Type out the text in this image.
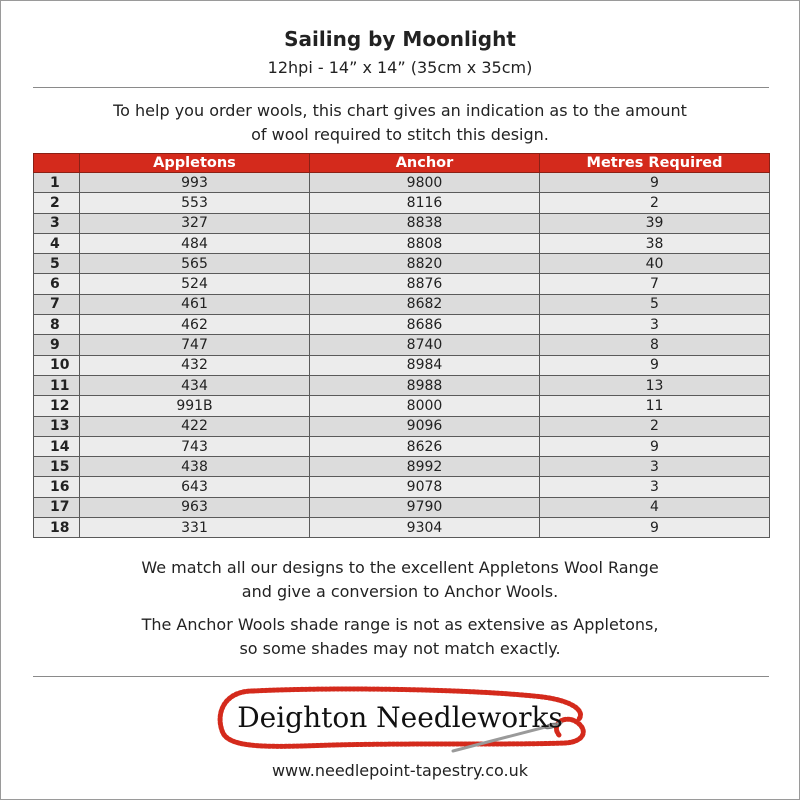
Sailing by Moonlight
12hpi - 14” x 14” (35cm x 35cm)
To help you order wools, this chart gives an indication as to the amount
of wool required to stitch this design.
	Appletons	Anchor	Metres Required
1	993	9800	9
2	553	8116	2
3	327	8838	39
4	484	8808	38
5	565	8820	40
6	524	8876	7
7	461	8682	5
8	462	8686	3
9	747	8740	8
10	432	8984	9
11	434	8988	13
12	991B	8000	11
13	422	9096	2
14	743	8626	9
15	438	8992	3
16	643	9078	3
17	963	9790	4
18	331	9304	9

We match all our designs to the excellent Appletons Wool Range
and give a conversion to Anchor Wools.

The Anchor Wools shade range is not as extensive as Appletons,
so some shades may not match exactly.

Deighton Needleworks
www.needlepoint-tapestry.co.uk
